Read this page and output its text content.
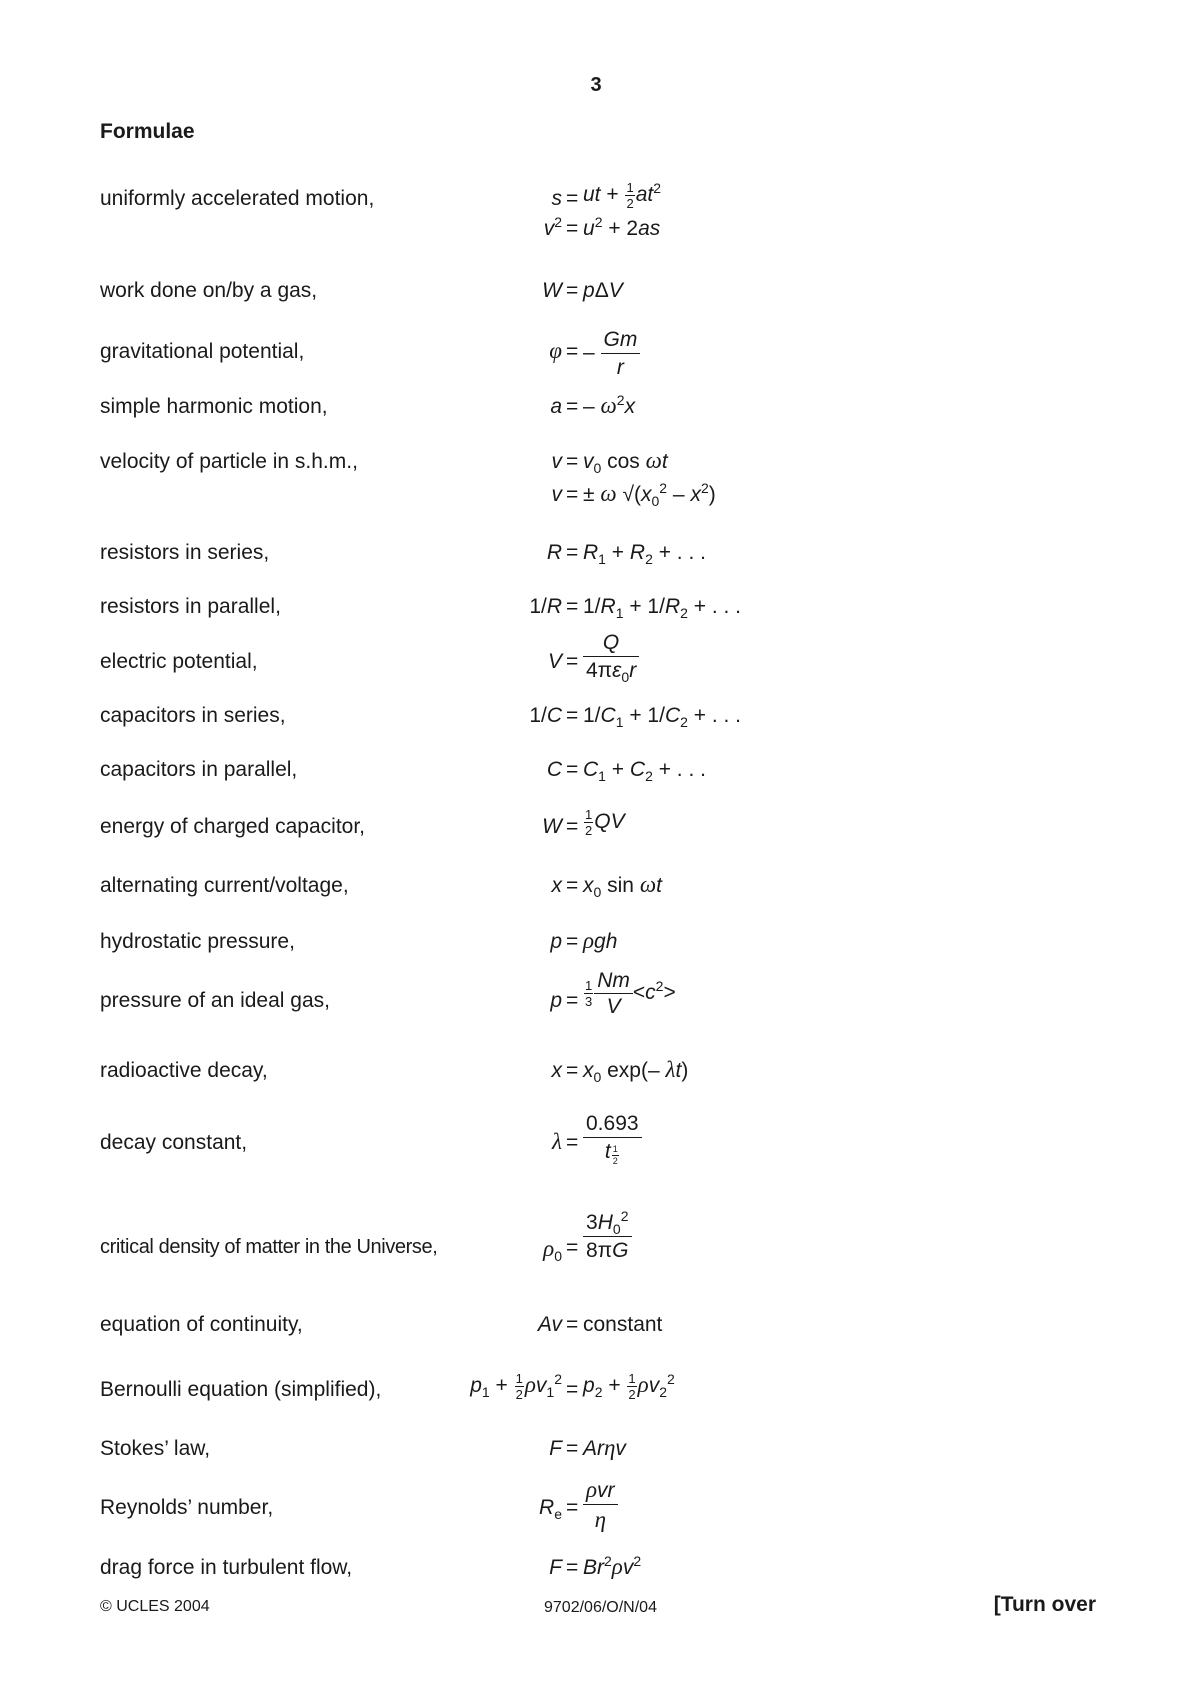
3
Formulae
uniformly accelerated motion,	s = ut + $\frac{1}{2} at^2$
$v^2 = u^2 + 2as$
work done on/by a gas,	W = pΔV
gravitational potential,	φ = – $\frac{Gm}{r}$
simple harmonic motion,	a = – $\omega^2x$
velocity of particle in s.h.m.,	$v = v_0$ cos ωt
v = ± ω $√(x_0^2 - x^2)$
resistors in series,	$R = R_1 + R_2$ + . . .
resistors in parallel,	$1/R = 1/R_1 + 1/R_2$ + . . .
electric potential,	$V = \frac{Q}{4\pi\varepsilon_0r}$
capacitors in series,	$1/C = 1/C_1 + 1/C_2$ + . . .
capacitors in parallel,	$C = C_1 + C_2$ + . . .
energy of charged capacitor,	$W = \frac{1}{2}$ QV
alternating current/voltage,	$x = x_0$ sin ωt
hydrostatic pressure,	p = ρgh
pressure of an ideal gas,	$p = \frac{1}{3} \frac{Nm}{V} <c^2>$
radioactive decay,	$x = x_0$ exp(– λt)
decay constant,	$\lambda = \frac{0.693}{t \frac{1}{2}}$
critical density of matter in the Universe,	$\rho_0 = \frac{3H_0^2}{8\pi G}$
equation of continuity,	Av = constant
Bernoulli equation (simplified),	$p_1 + \frac{1}{2} \rho v_1^2 = p_2 + \frac{1}{2} \rho v_2^2$
Stokes’ law,	F = Arηv
Reynolds’ number,	$R_e = \frac{\text{ρvr}}{\eta}$
drag force in turbulent flow,	$F = Br^2\rho v^2$
© UCLES 2004	9702/06/O/N/04	[Turn over
